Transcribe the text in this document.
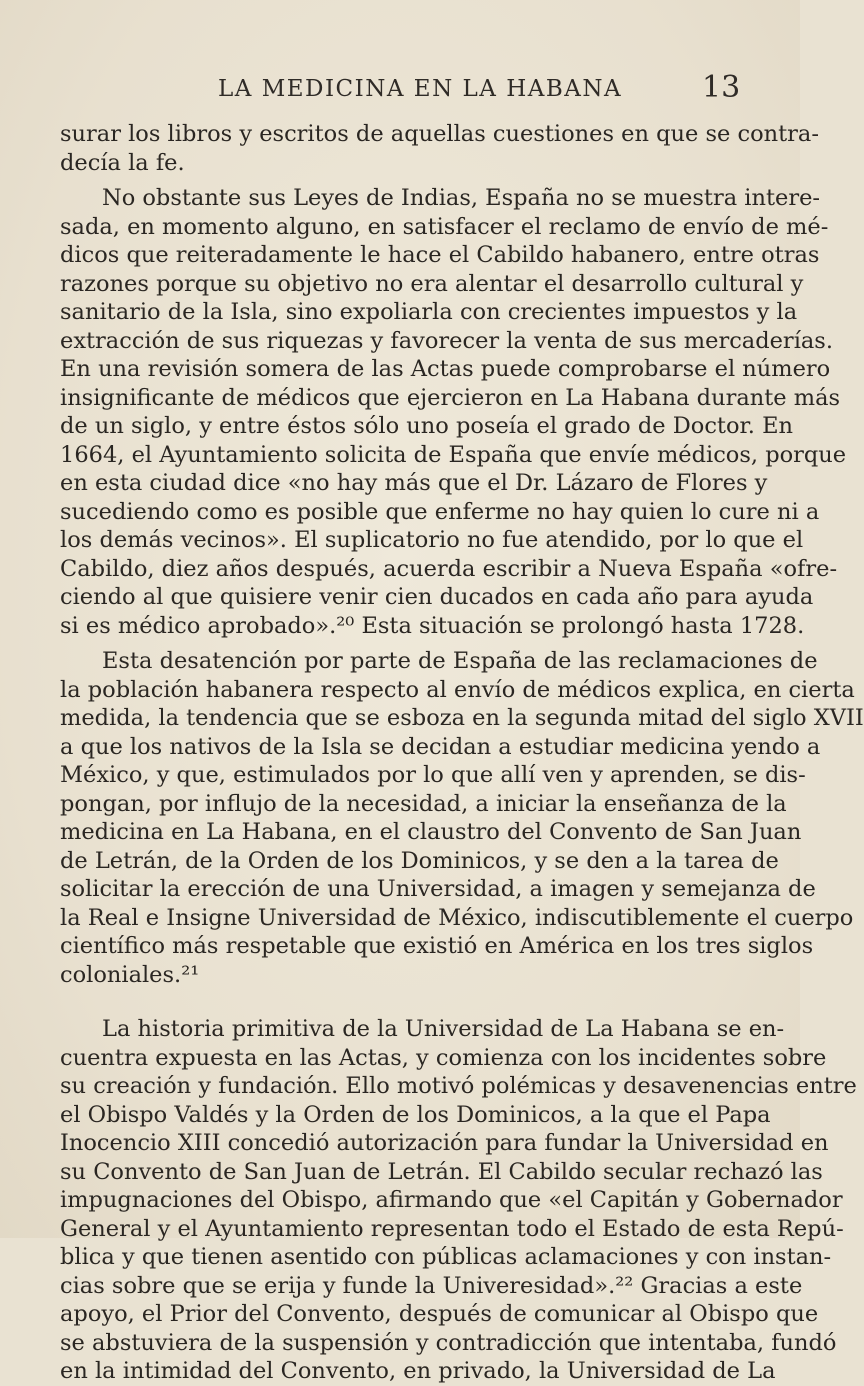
LA MEDICINA EN LA HABANA	13
surar los libros y escritos de aquellas cuestiones en que se contra-
decía la fe.
No obstante sus Leyes de Indias, España no se muestra intere-
sada, en momento alguno, en satisfacer el reclamo de envío de mé-
dicos que reiteradamente le hace el Cabildo habanero, entre otras
razones porque su objetivo no era alentar el desarrollo cultural y
sanitario de la Isla, sino expoliarla con crecientes impuestos y la
extracción de sus riquezas y favorecer la venta de sus mercaderías.
En una revisión somera de las Actas puede comprobarse el número
insignificante de médicos que ejercieron en La Habana durante más
de un siglo, y entre éstos sólo uno poseía el grado de Doctor. En
1664, el Ayuntamiento solicita de España que envíe médicos, porque
en esta ciudad dice «no hay más que el Dr. Lázaro de Flores y
sucediendo como es posible que enferme no hay quien lo cure ni a
los demás vecinos». El suplicatorio no fue atendido, por lo que el
Cabildo, diez años después, acuerda escribir a Nueva España «ofre-
ciendo al que quisiere venir cien ducados en cada año para ayuda
si es médico aprobado».²⁰ Esta situación se prolongó hasta 1728.
Esta desatención por parte de España de las reclamaciones de
la población habanera respecto al envío de médicos explica, en cierta
medida, la tendencia que se esboza en la segunda mitad del siglo XVII
a que los nativos de la Isla se decidan a estudiar medicina yendo a
México, y que, estimulados por lo que allí ven y aprenden, se dis-
pongan, por influjo de la necesidad, a iniciar la enseñanza de la
medicina en La Habana, en el claustro del Convento de San Juan
de Letrán, de la Orden de los Dominicos, y se den a la tarea de
solicitar la erección de una Universidad, a imagen y semejanza de
la Real e Insigne Universidad de México, indiscutiblemente el cuerpo
científico más respetable que existió en América en los tres siglos
coloniales.²¹
La historia primitiva de la Universidad de La Habana se en-
cuentra expuesta en las Actas, y comienza con los incidentes sobre
su creación y fundación. Ello motivó polémicas y desavenencias entre
el Obispo Valdés y la Orden de los Dominicos, a la que el Papa
Inocencio XIII concedió autorización para fundar la Universidad en
su Convento de San Juan de Letrán. El Cabildo secular rechazó las
impugnaciones del Obispo, afirmando que «el Capitán y Gobernador
General y el Ayuntamiento representan todo el Estado de esta Repú-
blica y que tienen asentido con públicas aclamaciones y con instan-
cias sobre que se erija y funde la Univeresidad».²² Gracias a este
apoyo, el Prior del Convento, después de comunicar al Obispo que
se abstuviera de la suspensión y contradicción que intentaba, fundó
en la intimidad del Convento, en privado, la Universidad de La
